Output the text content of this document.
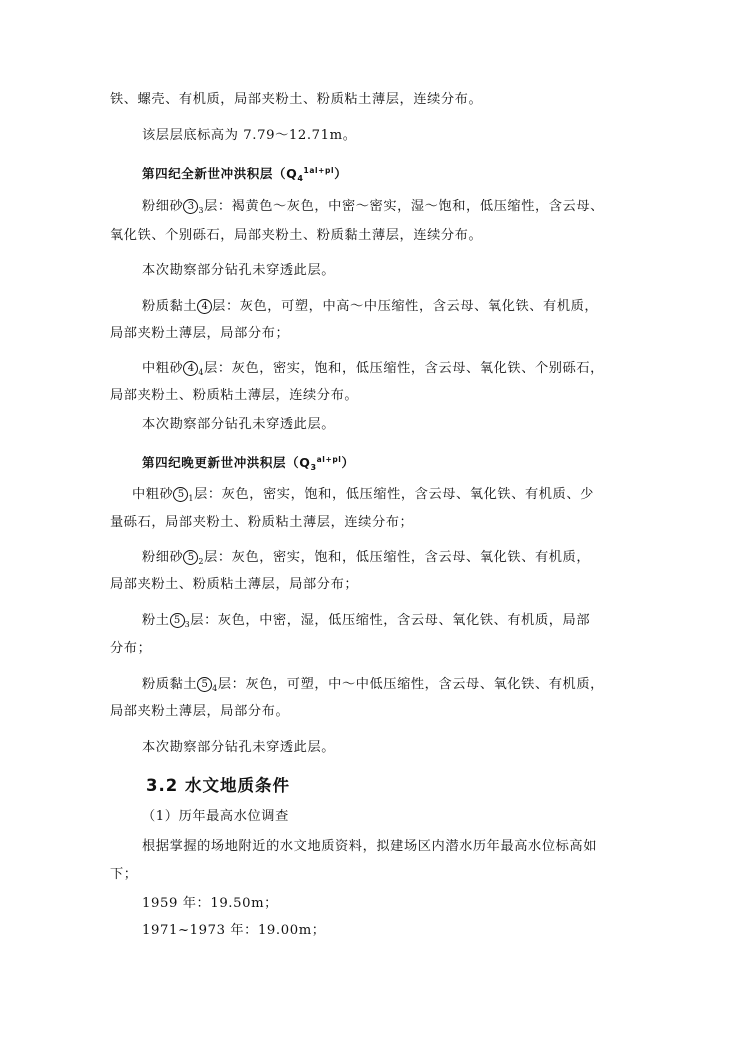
铁、螺壳、有机质，局部夹粉土、粉质粘土薄层，连续分布。
该层层底标高为 7.79～12.71m。
第四纪全新世冲洪积层$(Q_4^{1al+pl})$
粉细砂 3 $_3$层：褐黄色～灰色，中密～密实，湿～饱和，低压缩性，含云母、
氧化铁、个别砾石，局部夹粉土、粉质黏土薄层，连续分布。
本次勘察部分钻孔未穿透此层。
粉质黏土 4 层：灰色，可塑，中高～中压缩性，含云母、氧化铁、有机质，
局部夹粉土薄层，局部分布；
中粗砂 4 $_4$层：灰色，密实，饱和，低压缩性，含云母、氧化铁、个别砾石，
局部夹粉土、粉质粘土薄层，连续分布。
本次勘察部分钻孔未穿透此层。
第四纪晚更新世冲洪积层$(Q_3^{al+pl})$
中粗砂 5 $_1$层：灰色，密实，饱和，低压缩性，含云母、氧化铁、有机质、少
量砾石，局部夹粉土、粉质粘土薄层，连续分布；
粉细砂 5 $_2$层：灰色，密实，饱和，低压缩性，含云母、氧化铁、有机质，
局部夹粉土、粉质粘土薄层，局部分布；
粉土 5 $_3$层：灰色，中密，湿，低压缩性，含云母、氧化铁、有机质，局部
分布；
粉质黏土 5 $_4$层：灰色，可塑，中～中低压缩性，含云母、氧化铁、有机质，
局部夹粉土薄层，局部分布。
本次勘察部分钻孔未穿透此层。
3.2 水文地质条件
（1）历年最高水位调查
根据掌握的场地附近的水文地质资料，拟建场区内潜水历年最高水位标高如
下；
1959 年：19.50m；
1971~1973 年：19.00m；
